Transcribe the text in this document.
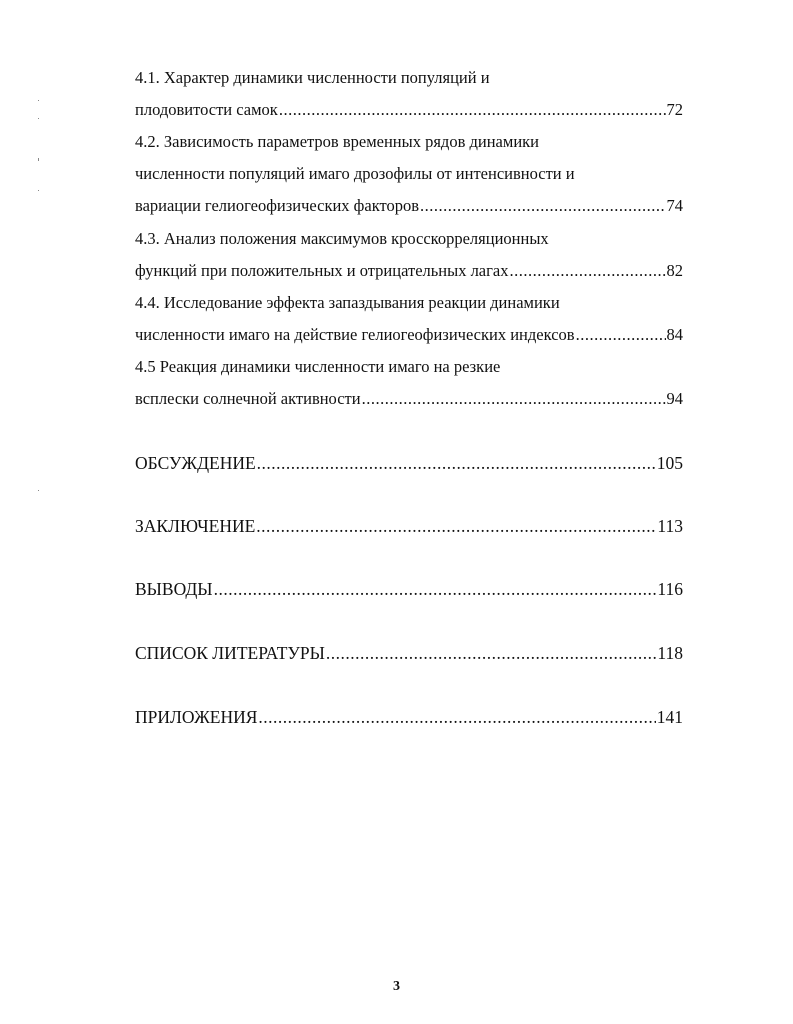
4.1. Характер динамики численности популяций и
плодовитости самок .....	72
4.2. Зависимость параметров временных рядов динамики
численности популяций имаго дрозофилы от интенсивности и
вариации гелиогеофизических факторов .....	74
4.3. Анализ положения максимумов кросскорреляционных
функций при положительных и отрицательных лагах .....	82
4.4. Исследование эффекта запаздывания реакции динамики
численности имаго на действие гелиогеофизических индексов .....	84
4.5 Реакция динамики численности имаго на резкие
всплески солнечной активности .....	94
ОБСУЖДЕНИЕ .....	105
ЗАКЛЮЧЕНИЕ .....	113
ВЫВОДЫ .....	116
СПИСОК ЛИТЕРАТУРЫ .....	118
ПРИЛОЖЕНИЯ .....	141
3
